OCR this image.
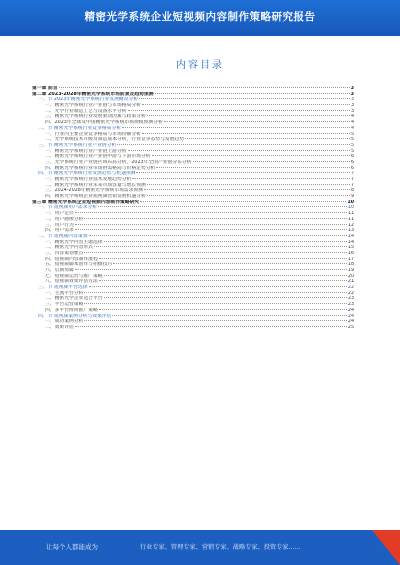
精密光学系统企业短视频内容制作策略研究报告
内容目录
第一章 前言	3
第二章 2023-2028年精密光学系统市场前景及趋势预测	3
一、节 2023年精密光学系统行业发展概况分析	3
一、精密光学系统行业产业链与市场格局分析	3
二、光学行业制造工艺与设备水平分析	3
三、精密光学系统行业发展驱动因素与政策分析	4
四、2023年全球及中国精密光学系统市场规模预测分析	4
二、节 精密光学系统行业竞争格局分析	4
一、行业内主要企业竞争格局与市场份额分析	5
二、光学系统技术升级及制造成本分析，行业竞争态势与发展趋势	5
三、节 精密光学系统行业产业链分析	5
一、精密光学系统行业产业链上游分析	5
二、精密光学系统行业产业链中游与下游市场分析	6
三、光学系统行业产业链区域布局分析，2023年全国产业链分布分析	6
四、精密光学系统行业市场供需格局与价格走势分析	6
四、节 精密光学系统行业发展趋势与机遇预测	7
一、精密光学系统行业技术发展趋势分析	7
二、精密光学系统行业未来市场容量与增长预测	7
三、2024-2028年精密光学系统市场需求预测	8
四、精密光学系统企业短视频营销发展机遇分析	9
第三章 精密光学系统企业短视频内容制作策略研究	10
一、节 短视频用户需求分析	10
一、用户定位	11
二、用户画像分析	11
三、用户行为	12
四、用户需求	13
二、节 短视频内容策划	14
一、精密光学内容主题选择	14
二、精密光学内容形式	15
三、内容策划要点	16
四、短视频内容制作流程	17
五、短视频脚本创作与拍摄技巧	18
六、后期剪辑	19
七、短视频运营与推广策略	20
八、短视频效果评估方法	21
三、节 短视频平台选择	22
一、主流平台分析	22
二、精密光学企业适合平台	23
三、平台运营策略	23
四、多平台协同推广策略	24
四、节 短视频案例分析与效果评估	24
一、成功案例分析	24
二、效果评估	25
让每个人都能成为	行业专家、管理专家、营销专家、战略专家、投资专家……
